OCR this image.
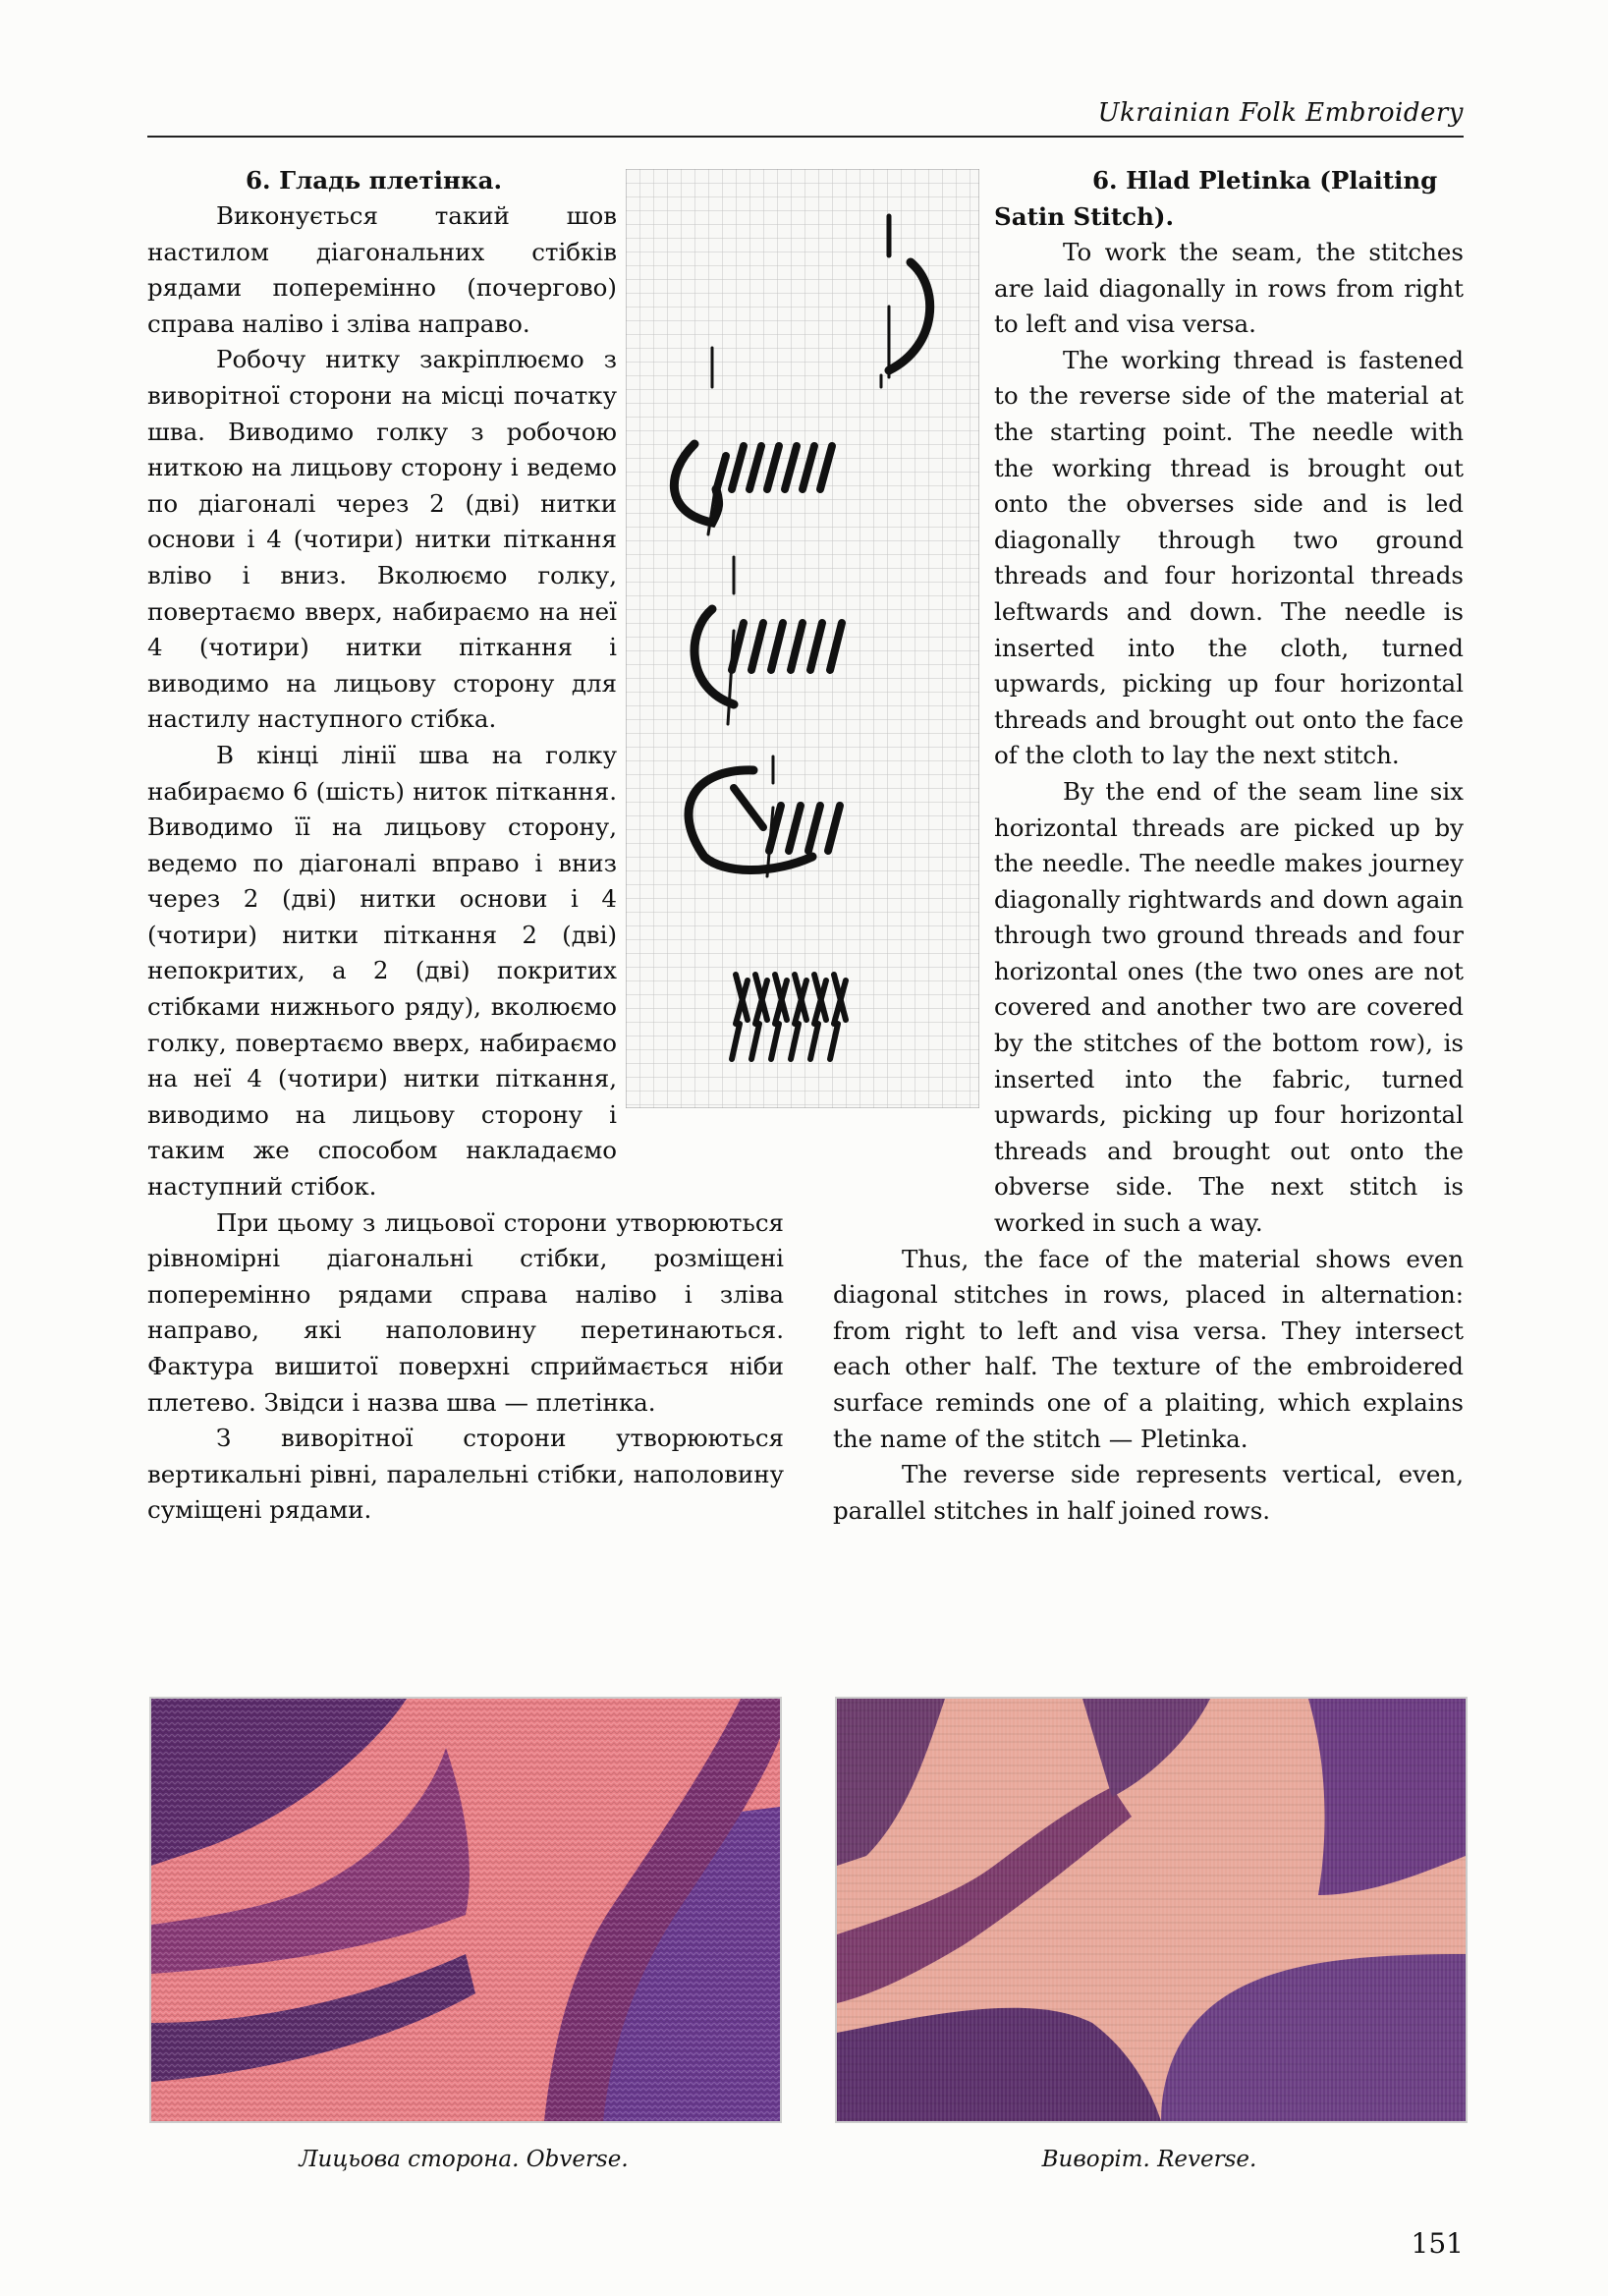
Ukrainian Folk Embroidery
6. Гладь плетінка.

Виконується такий шов настилом діагональних стібків рядами поперемінно (почергово) справа наліво і зліва направо.

Робочу нитку закріплюємо з виворітної сторони на місці початку шва. Виводимо голку з робочою ниткою на лицьову сторону і ведемо по діагоналі через 2 (дві) нитки основи і 4 (чотири) нитки піткання вліво і вниз. Вколюємо голку, повертаємо вверх, набираємо на неї 4 (чотири) нитки піткання і виводимо на лицьову сторону для настилу наступного стібка.

В кінці лінії шва на голку набираємо 6 (шість) ниток піткання. Виводимо її на лицьову сторону, ведемо по діагоналі вправо і вниз через 2 (дві) нитки основи і 4 (чотири) нитки піткання 2 (дві) непокритих, а 2 (дві) покритих стібками нижнього ряду), вколюємо голку, повертаємо вверх, набираємо на неї 4 (чотири) нитки піткання, виводимо на лицьову сторону і таким же способом накладаємо наступний стібок.

При цьому з лицьової сторони утворюються рівномірні діагональні стібки, розміщені поперемінно рядами справа наліво і зліва направо, які наполовину перетинаються. Фактура вишитої поверхні сприймається ніби плетево. Звідси і назва шва — плетінка.

З виворітної сторони утворюються вертикальні рівні, паралельні стібки, наполовину суміщені рядами.

6. Hlad Pletinka (Plaiting Satin Stitch).

To work the seam, the stitches are laid diagonally in rows from right to left and visa versa.

The working thread is fastened to the reverse side of the material at the starting point. The needle with the working thread is brought out onto the obverses side and is led diagonally through two ground threads and four horizontal threads leftwards and down. The needle is inserted into the cloth, turned upwards, picking up four horizontal threads and brought out onto the face of the cloth to lay the next stitch.

By the end of the seam line six horizontal threads are picked up by the needle. The needle makes journey diagonally rightwards and down again through two ground threads and four horizontal ones (the two ones are not covered and another two are covered by the stitches of the bottom row), is inserted into the fabric, turned upwards, picking up four horizontal threads and brought out onto the obverse side. The next stitch is worked in such a way.

Thus, the face of the material shows even diagonal stitches in rows, placed in alternation: from right to left and visa versa. They intersect each other half. The texture of the embroidered surface reminds one of a plaiting, which explains the name of the stitch — Pletinka.

The reverse side represents vertical, even, parallel stitches in half joined rows.

Лицьова сторона. Obverse.	Виворіт. Reverse.
151
